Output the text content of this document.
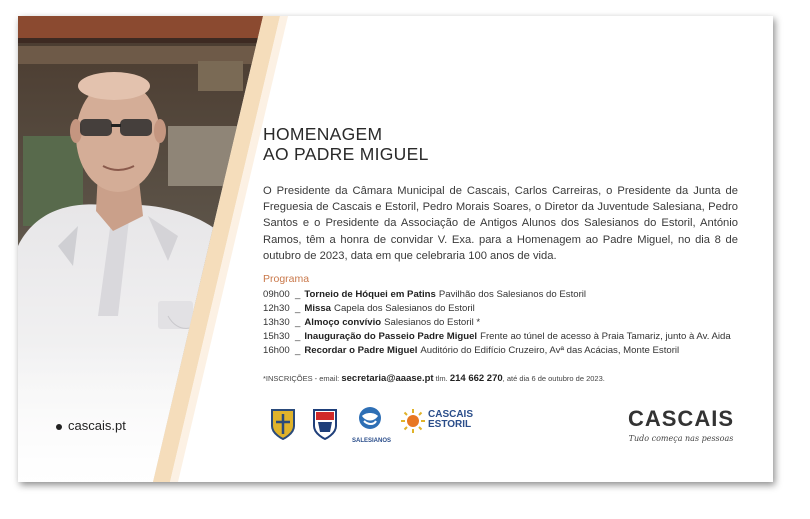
cascais.pt
HOMENAGEM
AO PADRE MIGUEL
O Presidente da Câmara Municipal de Cascais, Carlos Carreiras, o Presidente da Junta de Freguesia de Cascais e Estoril, Pedro Morais Soares, o Diretor da Juventude Salesiana, Pedro Santos e o Presidente da Associação de Antigos Alunos dos Salesianos do Estoril, António Ramos, têm a honra de convidar V. Exa. para a Homenagem ao Padre Miguel, no dia 8 de outubro de 2023, data em que celebraria 100 anos de vida.
Programa
09h00 _ Torneio de Hóquei em Patins Pavilhão dos Salesianos do Estoril
12h30 _ Missa Capela dos Salesianos do Estoril
13h30 _ Almoço convívio Salesianos do Estoril *
15h30 _ Inauguração do Passeio Padre Miguel Frente ao túnel de acesso à Praia Tamariz, junto à Av. Aida
16h00 _ Recordar o Padre Miguel Auditório do Edifício Cruzeiro, Avª das Acácias, Monte Estoril
*INSCRIÇÕES - email: secretaria@aaase.pt tlm. 214 662 270, até dia 6 de outubro de 2023.
SALESIANOS
CASCAIS
ESTORIL	CASCAIS
Tudo começa nas pessoas
